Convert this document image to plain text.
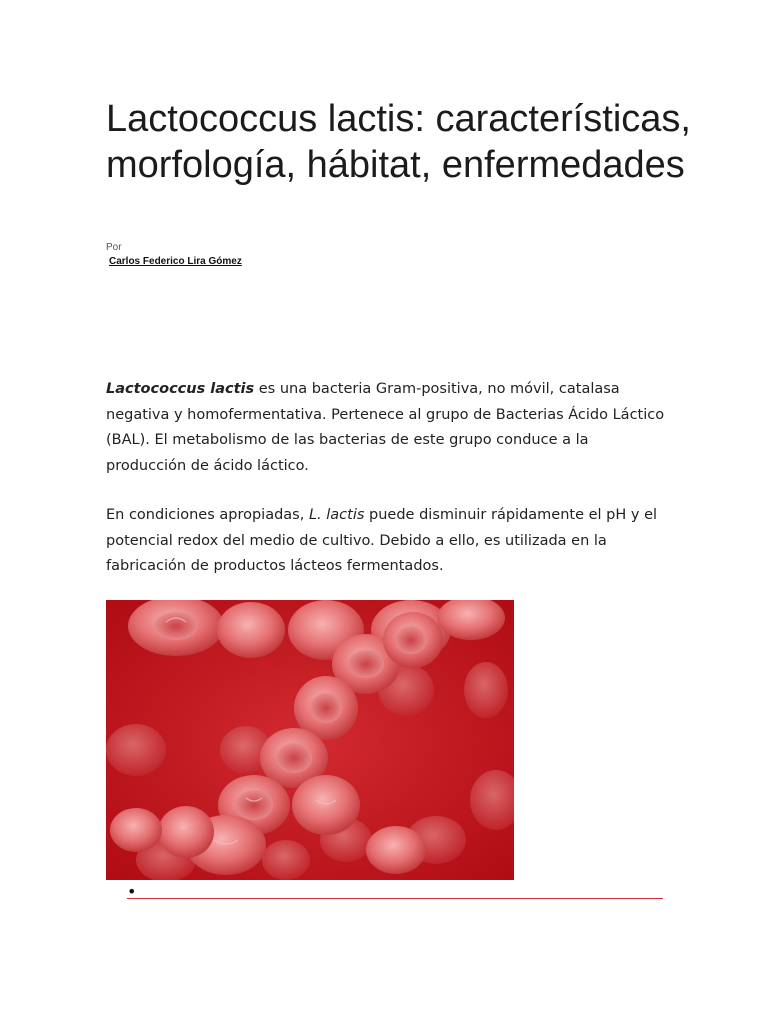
Lactococcus lactis: características, morfología, hábitat, enfermedades
Por
Carlos Federico Lira Gómez

Lactococcus lactis es una bacteria Gram-positiva, no móvil, catalasa negativa y homofermentativa. Pertenece al grupo de Bacterias Ácido Láctico (BAL). El metabolismo de las bacterias de este grupo conduce a la producción de ácido láctico.

En condiciones apropiadas, L. lactis puede disminuir rápidamente el pH y el potencial redox del medio de cultivo. Debido a ello, es utilizada en la fabricación de productos lácteos fermentados.

•
